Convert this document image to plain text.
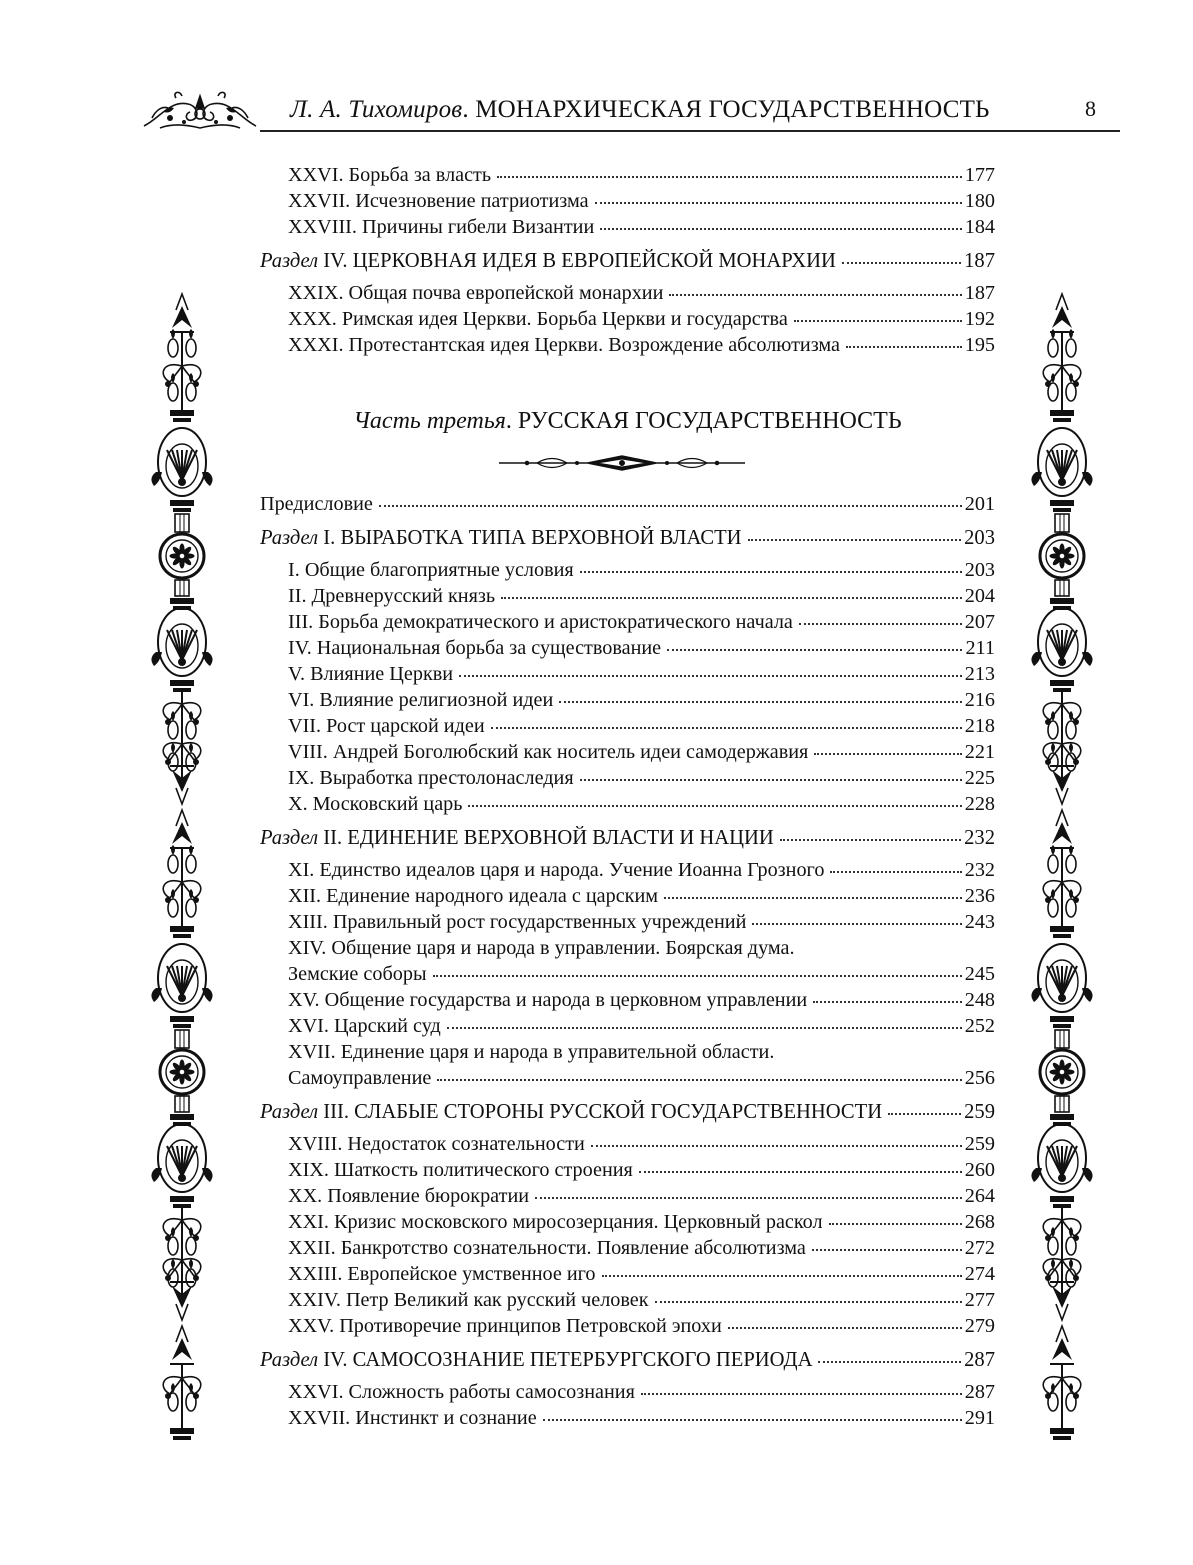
Л. А. Тихомиров. МОНАРХИЧЕСКАЯ ГОСУДАРСТВЕННОСТЬ	8
XXVI. Борьба за власть	177
XXVII. Исчезновение патриотизма	180
XXVIII. Причины гибели Византии	184
Раздел IV. ЦЕРКОВНАЯ ИДЕЯ В ЕВРОПЕЙСКОЙ МОНАРХИИ	187
XXIX. Общая почва европейской монархии	187
XXX. Римская идея Церкви. Борьба Церкви и государства	192
XXXI. Протестантская идея Церкви. Возрождение абсолютизма	195
Часть третья. РУССКАЯ ГОСУДАРСТВЕННОСТЬ
Предисловие	201
Раздел I. ВЫРАБОТКА ТИПА ВЕРХОВНОЙ ВЛАСТИ	203
I. Общие благоприятные условия	203
II. Древнерусский князь	204
III. Борьба демократического и аристократического начала	207
IV. Национальная борьба за существование	211
V. Влияние Церкви	213
VI. Влияние религиозной идеи	216
VII. Рост царской идеи	218
VIII. Андрей Боголюбский как носитель идеи самодержавия	221
IX. Выработка престолонаследия	225
X. Московский царь	228
Раздел II. ЕДИНЕНИЕ ВЕРХОВНОЙ ВЛАСТИ И НАЦИИ	232
XI. Единство идеалов царя и народа. Учение Иоанна Грозного	232
XII. Единение народного идеала с царским	236
XIII. Правильный рост государственных учреждений	243
XIV. Общение царя и народа в управлении. Боярская дума.
Земские соборы	245
XV. Общение государства и народа в церковном управлении	248
XVI. Царский суд	252
XVII. Единение царя и народа в управительной области.
Самоуправление	256
Раздел III. СЛАБЫЕ СТОРОНЫ РУССКОЙ ГОСУДАРСТВЕННОСТИ	259
XVIII. Недостаток сознательности	259
XIX. Шаткость политического строения	260
XX. Появление бюрократии	264
XXI. Кризис московского миросозерцания. Церковный раскол	268
XXII. Банкротство сознательности. Появление абсолютизма	272
XXIII. Европейское умственное иго	274
XXIV. Петр Великий как русский человек	277
XXV. Противоречие принципов Петровской эпохи	279
Раздел IV. САМОСОЗНАНИЕ ПЕТЕРБУРГСКОГО ПЕРИОДА	287
XXVI. Сложность работы самосознания	287
XXVII. Инстинкт и сознание	291
